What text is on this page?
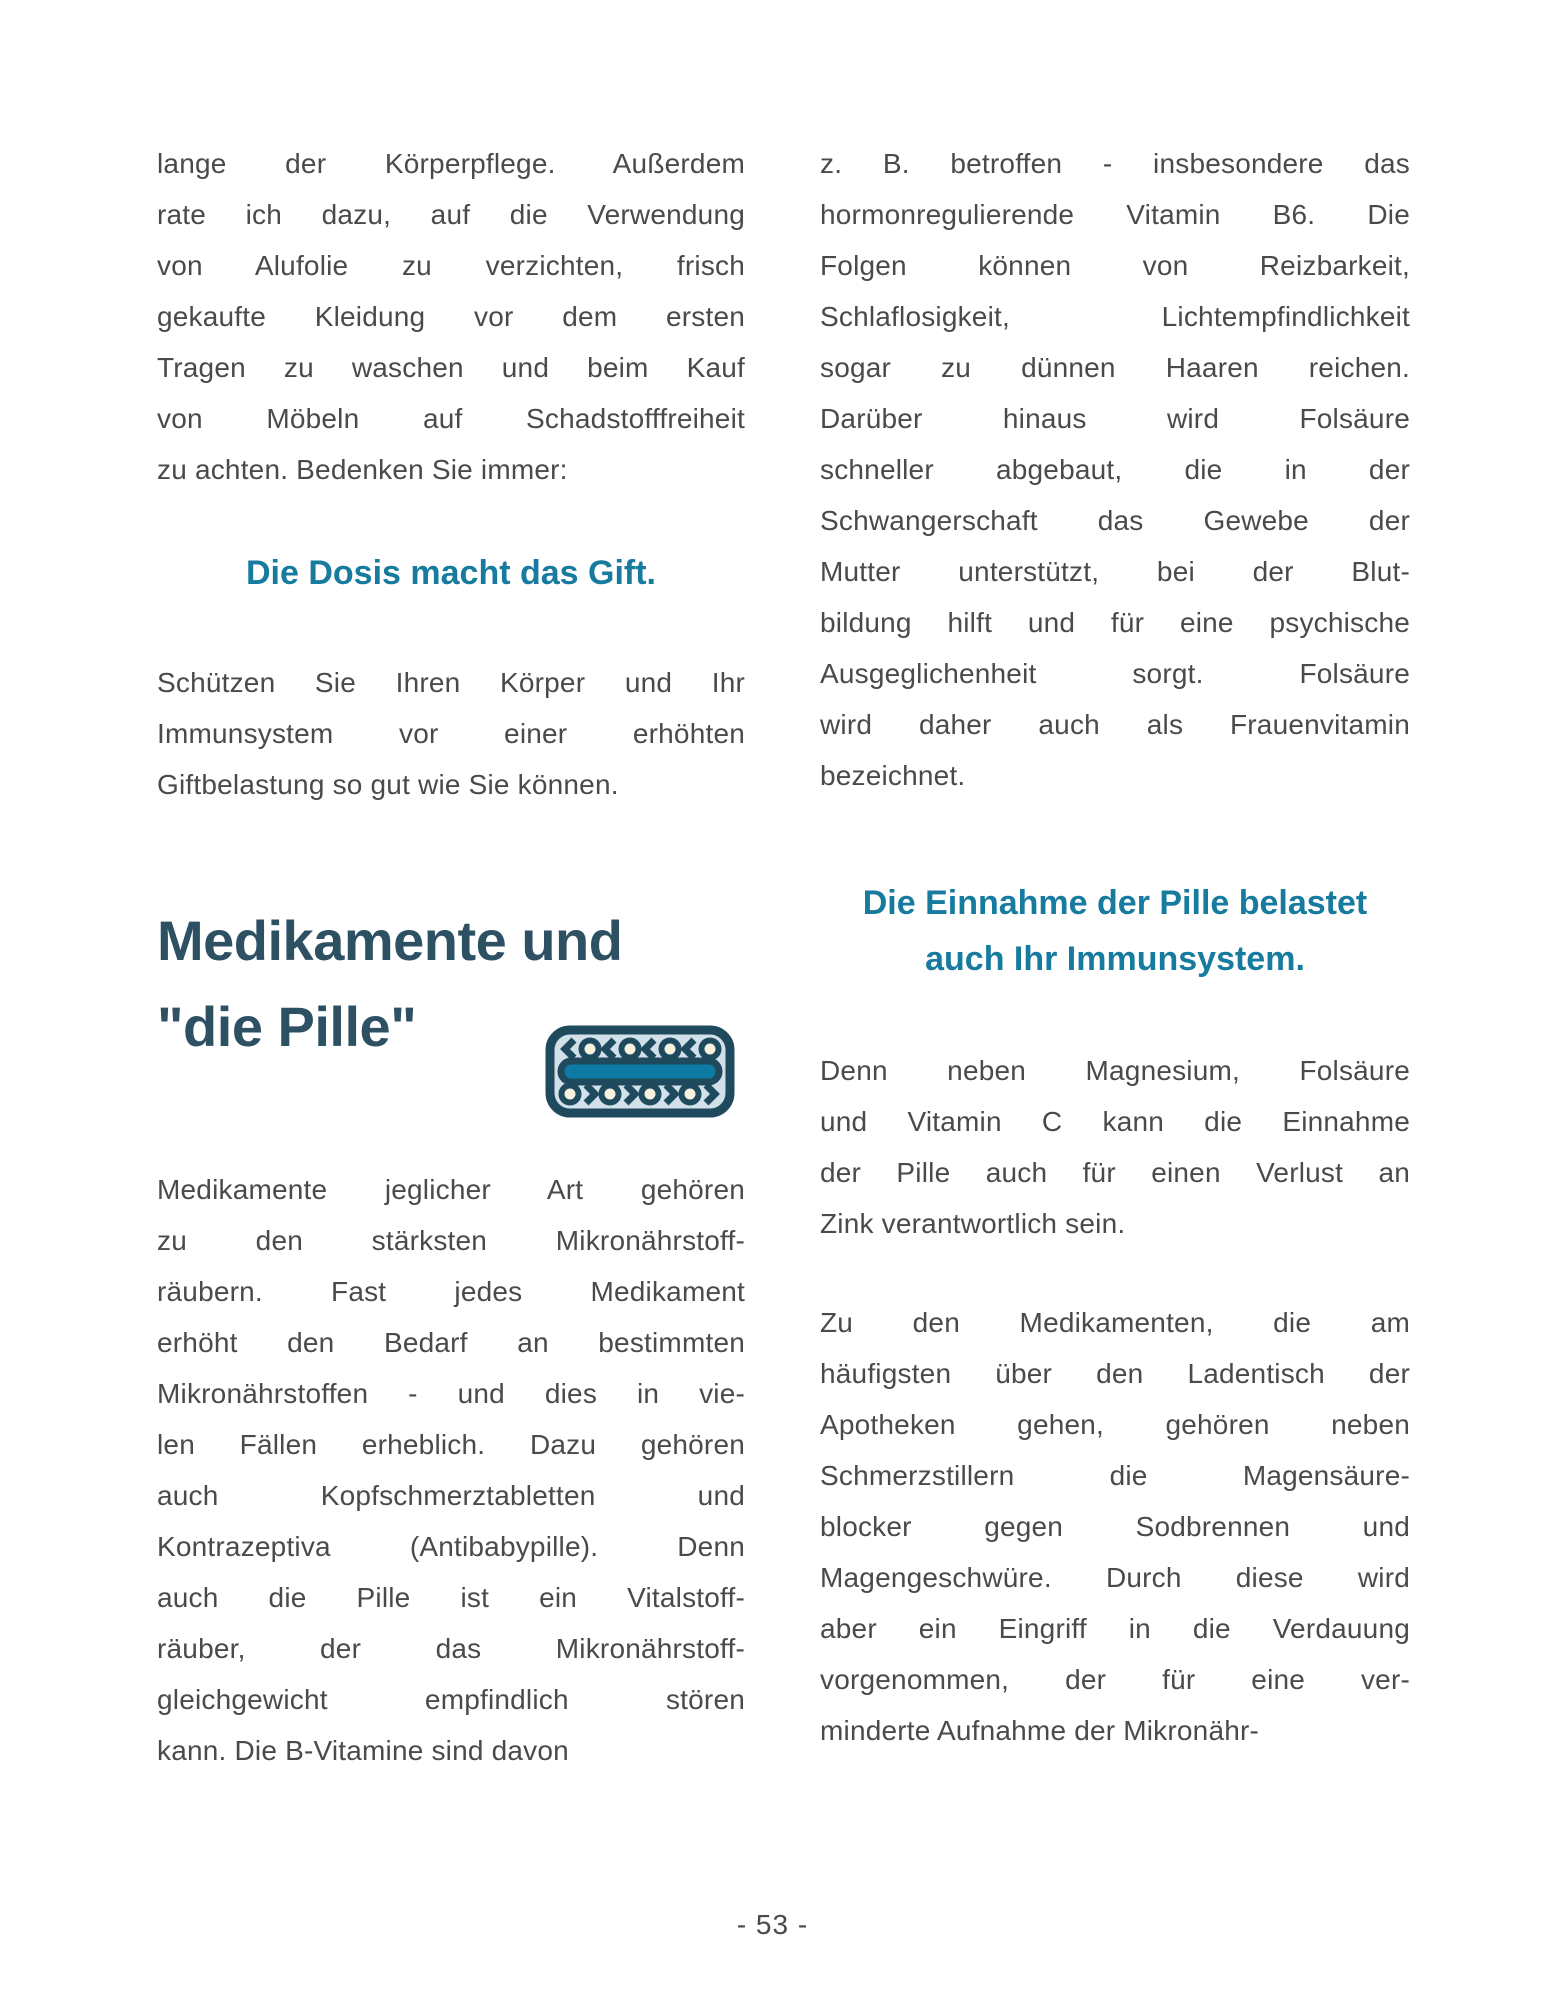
lange der Körperpflege. Außerdem
rate ich dazu, auf die Verwendung
von Alufolie zu verzichten, frisch
gekaufte Kleidung vor dem ersten
Tragen zu waschen und beim Kauf
von Möbeln auf Schadstofffreiheit
zu achten. Bedenken Sie immer:
Die Dosis macht das Gift.
Schützen Sie Ihren Körper und Ihr
Immunsystem vor einer erhöhten
Giftbelastung so gut wie Sie können.
Medikamente und
"die Pille"
Medikamente jeglicher Art gehören
zu den stärksten Mikronährstoff-
räubern. Fast jedes Medikament
erhöht den Bedarf an bestimmten
Mikronährstoffen - und dies in vie-
len Fällen erheblich. Dazu gehören
auch Kopfschmerztabletten und
Kontrazeptiva (Antibabypille). Denn
auch die Pille ist ein Vitalstoff-
räuber, der das Mikronährstoff-
gleichgewicht empfindlich stören
kann. Die B-Vitamine sind davon
z. B. betroffen - insbesondere das
hormonregulierende Vitamin B6. Die
Folgen können von Reizbarkeit,
Schlaflosigkeit, Lichtempfindlichkeit
sogar zu dünnen Haaren reichen.
Darüber hinaus wird Folsäure
schneller abgebaut, die in der
Schwangerschaft das Gewebe der
Mutter unterstützt, bei der Blut-
bildung hilft und für eine psychische
Ausgeglichenheit sorgt. Folsäure
wird daher auch als Frauenvitamin
bezeichnet.
Die Einnahme der Pille belastet
auch Ihr Immunsystem.
Denn neben Magnesium, Folsäure
und Vitamin C kann die Einnahme
der Pille auch für einen Verlust an
Zink verantwortlich sein.
Zu den Medikamenten, die am
häufigsten über den Ladentisch der
Apotheken gehen, gehören neben
Schmerzstillern die Magensäure-
blocker gegen Sodbrennen und
Magengeschwüre. Durch diese wird
aber ein Eingriff in die Verdauung
vorgenommen, der für eine ver-
minderte Aufnahme der Mikronähr-
- 53 -
